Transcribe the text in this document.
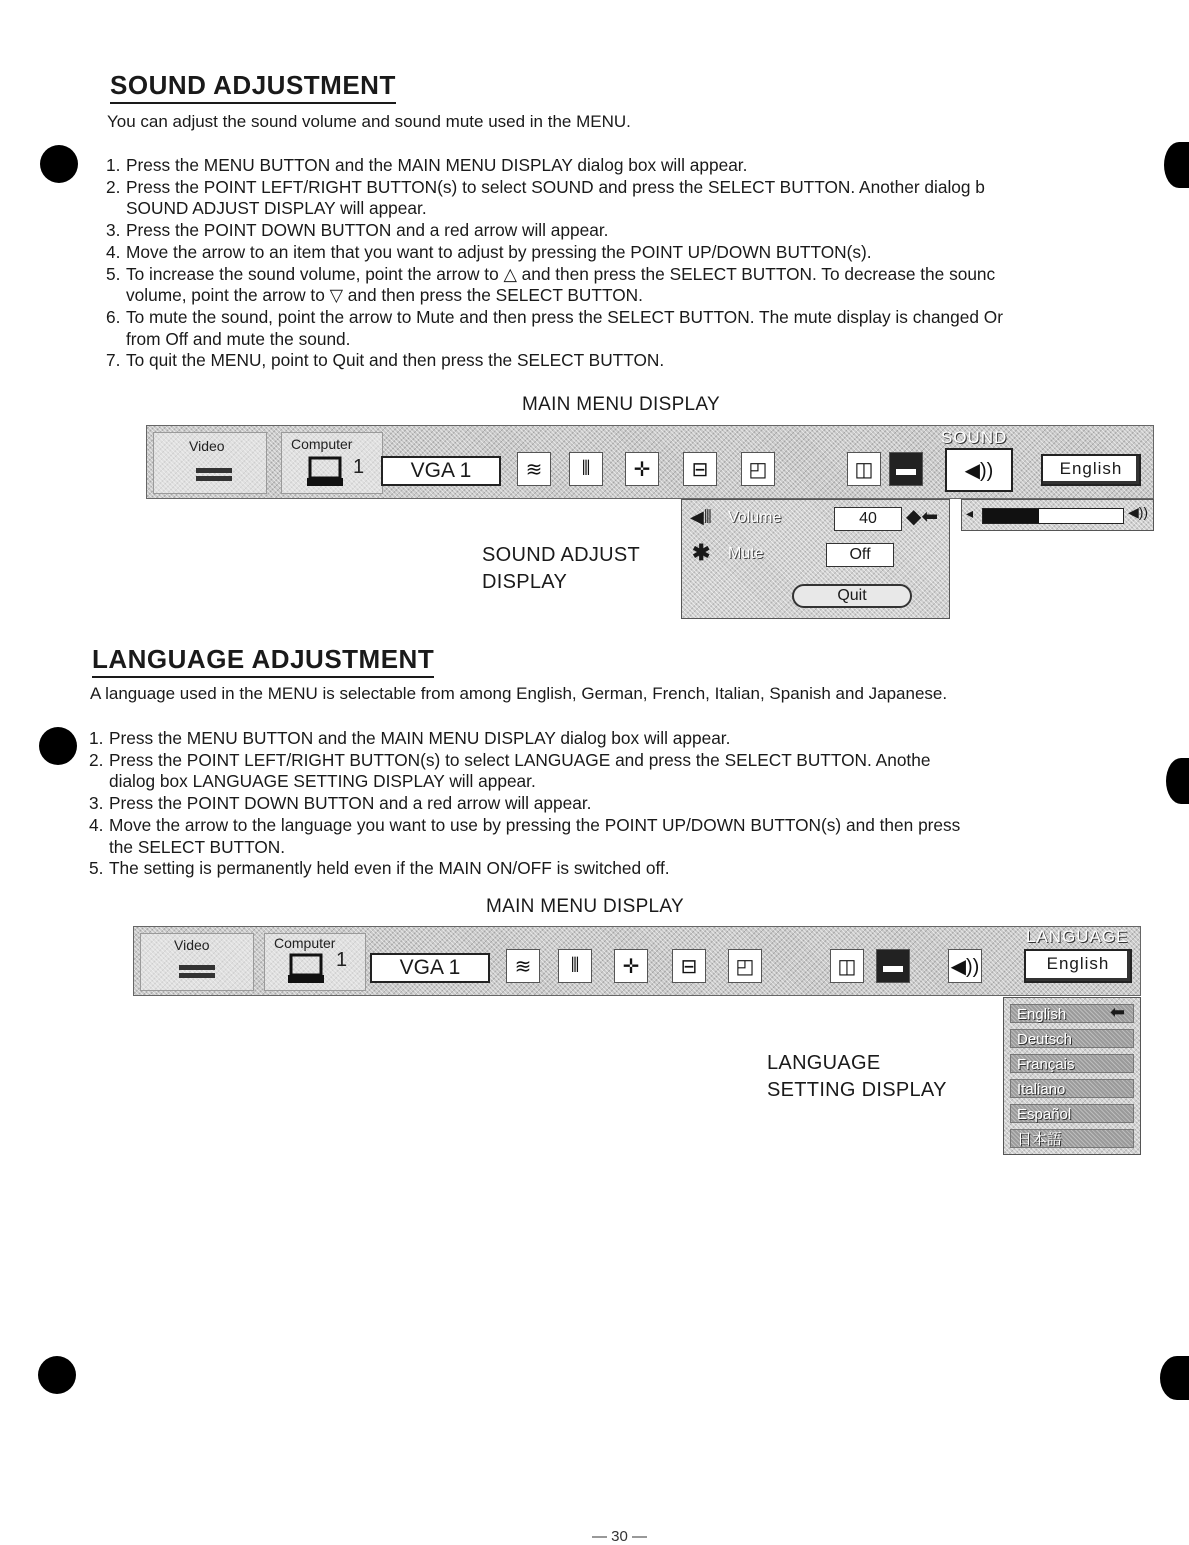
SOUND ADJUSTMENT
You can adjust the sound volume and sound mute used in the MENU.
1. Press the MENU BUTTON and the MAIN MENU DISPLAY dialog box will appear.
2. Press the POINT LEFT/RIGHT BUTTON(s) to select SOUND and press the SELECT BUTTON. Another dialog b
SOUND ADJUST DISPLAY will appear.
3. Press the POINT DOWN BUTTON and a red arrow will appear.
4. Move the arrow to an item that you want to adjust by pressing the POINT UP/DOWN BUTTON(s).
5. To increase the sound volume, point the arrow to △ and then press the SELECT BUTTON. To decrease the sounc
volume, point the arrow to ▽ and then press the SELECT BUTTON.
6. To mute the sound, point the arrow to Mute and then press the SELECT BUTTON. The mute display is changed Or
from Off and mute the sound.
7. To quit the MENU, point to Quit and then press the SELECT BUTTON.
MAIN MENU DISPLAY
Video	Computer
1	VGA 1	≋	⦀	✛	⊟	◰	◫	▬	◀))
SOUND
English
SOUND ADJUST
DISPLAY
◀⦀ Volume	40	◆⬅
✱ Mute	Off
Quit
◂	◀))
LANGUAGE ADJUSTMENT
A language used in the MENU is selectable from among English, German, French, Italian, Spanish and Japanese.
1. Press the MENU BUTTON and the MAIN MENU DISPLAY dialog box will appear.
2. Press the POINT LEFT/RIGHT BUTTON(s) to select LANGUAGE and press the SELECT BUTTON. Anothe
dialog box LANGUAGE SETTING DISPLAY will appear.
3. Press the POINT DOWN BUTTON and a red arrow will appear.
4. Move the arrow to the language you want to use by pressing the POINT UP/DOWN BUTTON(s) and then press
the SELECT BUTTON.
5. The setting is permanently held even if the MAIN ON/OFF is switched off.
MAIN MENU DISPLAY
Video	Computer
1	VGA 1	≋	⦀	✛	⊟	◰	◫	▬	◀))
LANGUAGE
English
LANGUAGE
SETTING DISPLAY
English	⬅
Deutsch
Français
Italiano
Español
日本語
— 30 —
